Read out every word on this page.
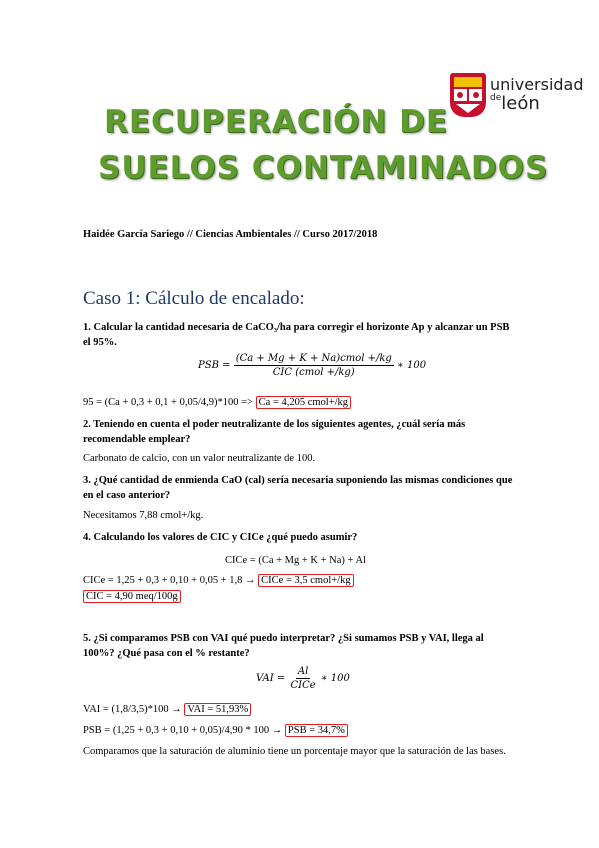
universidad
$^{de}$león
RECUPERACIÓN DE
SUELOS CONTAMINADOS
Haidée García Sariego // Ciencias Ambientales // Curso 2017/2018
Caso 1: Cálculo de encalado:
1. Calcular la cantidad necesaria de CaCO₃/ha para corregir el horizonte Ap y alcanzar un PSB el 95%.
PSB = $\frac{\text{(Ca + Mg + K + Na)cmol +/kg}}{\text{CIC (cmol +/kg)}}$ ∗ 100
95 = (Ca + 0,3 + 0,1 + 0,05/4,9)*100 => Ca = 4,205 cmol+/kg
2. Teniendo en cuenta el poder neutralizante de los siguientes agentes, ¿cuál sería más recomendable emplear?
Carbonato de calcio, con un valor neutralizante de 100.
3. ¿Qué cantidad de enmienda CaO (cal) sería necesaria suponiendo las mismas condiciones que en el caso anterior?
Necesitamos 7,88 cmol+/kg.
4. Calculando los valores de CIC y CICe ¿qué puedo asumir?
CICe = (Ca + Mg + K + Na) + Al
CICe = 1,25 + 0,3 + 0,10 + 0,05 + 1,8 → CICe = 3,5 cmol+/kg
CIC = 4,90 meq/100g
5. ¿Si comparamos PSB con VAI qué puedo interpretar? ¿Si sumamos PSB y VAI, llega al 100%? ¿Qué pasa con el % restante?
VAI = $\frac{Al}{\text{CICe}}$ ∗ 100
VAI = (1,8/3,5)*100 → VAI = 51,93%
PSB = (1,25 + 0,3 + 0,10 + 0,05)/4,90 * 100 → PSB = 34,7%
Comparamos que la saturación de aluminio tiene un porcentaje mayor que la saturación de las bases.
